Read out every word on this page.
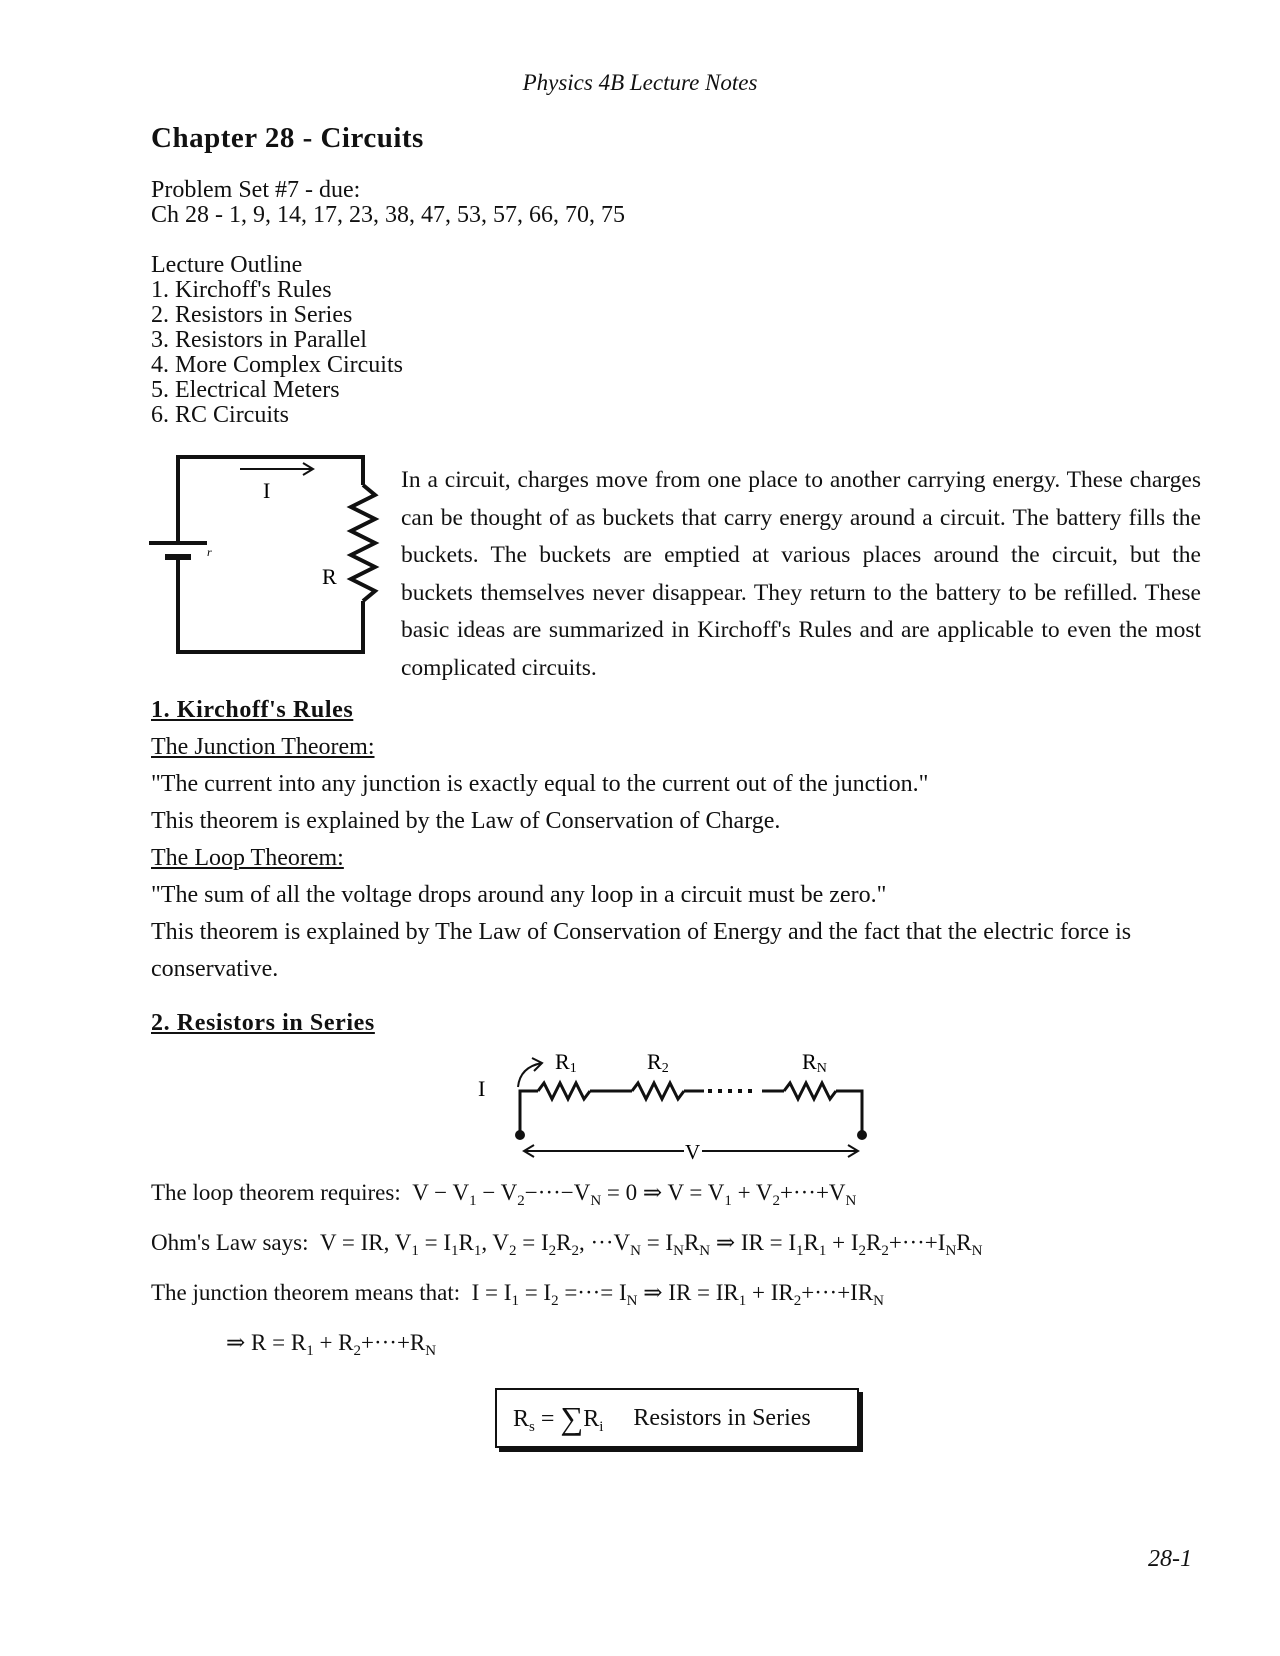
Physics 4B Lecture Notes
Chapter 28 - Circuits
Problem Set #7 - due:
Ch 28 - 1, 9, 14, 17, 23, 38, 47, 53, 57, 66, 70, 75
Lecture Outline
1. Kirchoff's Rules
2. Resistors in Series
3. Resistors in Parallel
4. More Complex Circuits
5. Electrical Meters
6. RC Circuits
I
R
r
In a circuit, charges move from one place to another carrying energy. These charges can be thought of as buckets that carry energy around a circuit. The battery fills the buckets. The buckets are emptied at various places around the circuit, but the buckets themselves never disappear. They return to the battery to be refilled. These basic ideas are summarized in Kirchoff's Rules and are applicable to even the most complicated circuits.
1. Kirchoff's Rules
The Junction Theorem:
"The current into any junction is exactly equal to the current out of the junction."
This theorem is explained by the Law of Conservation of Charge.
The Loop Theorem:
"The sum of all the voltage drops around any loop in a circuit must be zero."
This theorem is explained by The Law of Conservation of Energy and the fact that the electric force is
conservative.
2. Resistors in Series
I
R1	R2	RN
V
The loop theorem requires:  $V - V_1 - V_2-\cdot\cdot\cdot-V_N = 0$ ⇒ $V = V_1 + V_2+\cdot\cdot\cdot+V_N$
Ohm's Law says:  V = IR, $V_1 = I_1R_1$, $V_2 = I_2R_2$, $\cdot\cdot\cdot V_N = I_NR_N$ ⇒ IR = $I_1R_1 + I_2R_2+\cdot\cdot\cdot+I_NR_N$
The junction theorem means that:  $I = I_1 = I_2$ =···= $I_N$ ⇒ IR = $IR_1 + IR_2+\cdot\cdot\cdot+IR_N$
⇒ $R = R_1 + R_2+\cdot\cdot\cdot+R_N$
$R_s = \sum R_i$ Resistors in Series
28-1
